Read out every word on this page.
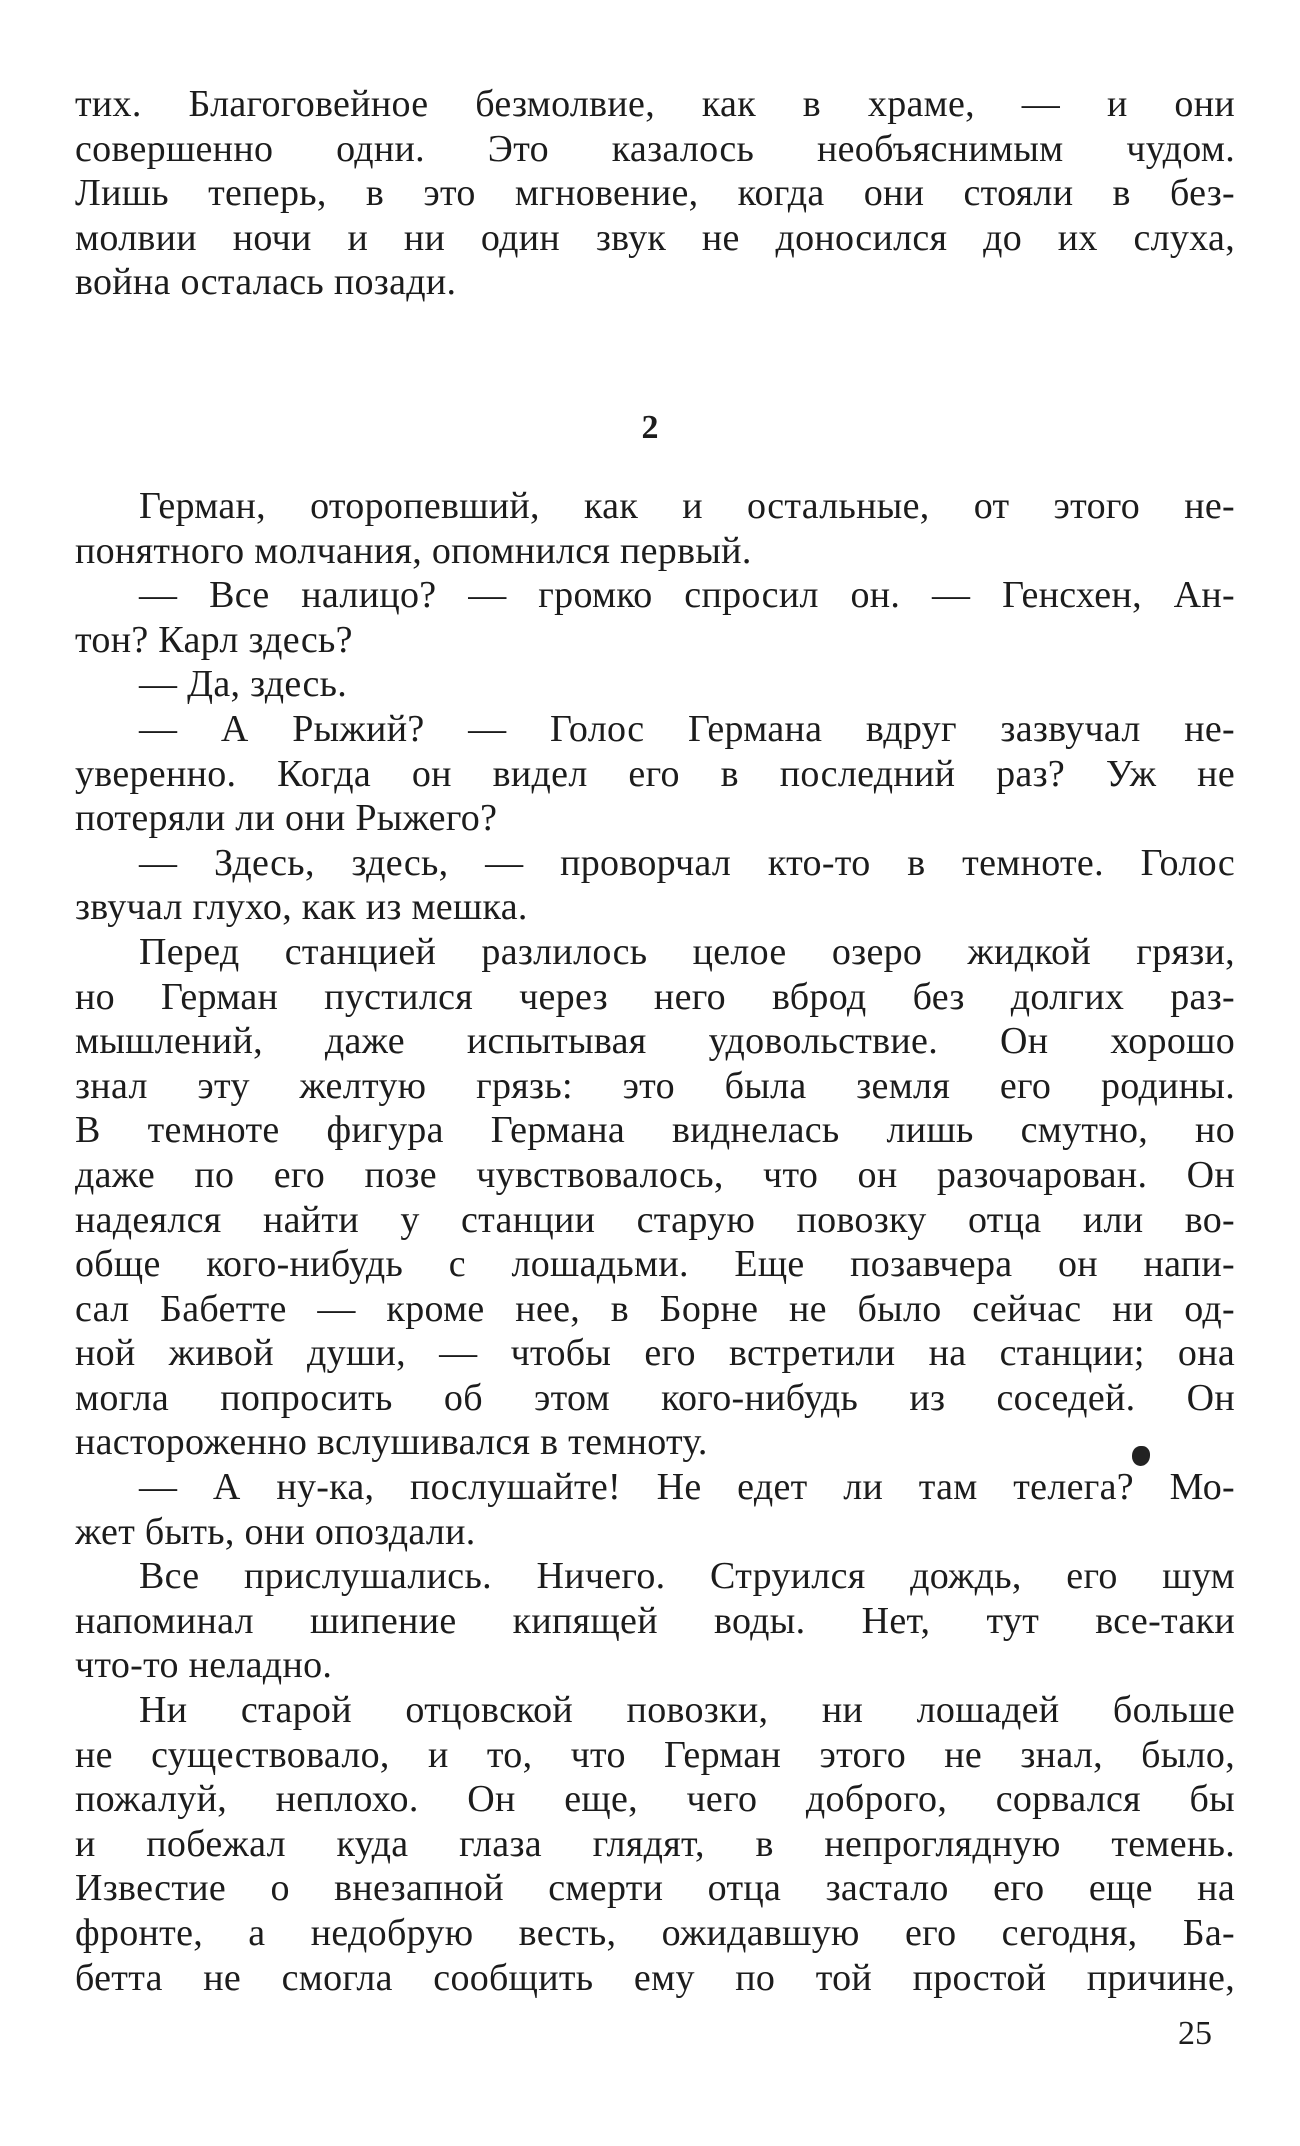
тих. Благоговейное безмолвие, как в храме, — и они
совершенно одни. Это казалось необъяснимым чудом.
Лишь теперь, в это мгновение, когда они стояли в без-
молвии ночи и ни один звук не доносился до их слуха,
война осталась позади.
2
Герман, оторопевший, как и остальные, от этого не-
понятного молчания, опомнился первый.
— Все налицо? — громко спросил он. — Генсхен, Ан-
тон? Карл здесь?
— Да, здесь.
— А Рыжий? — Голос Германа вдруг зазвучал не-
уверенно. Когда он видел его в последний раз? Уж не
потеряли ли они Рыжего?
— Здесь, здесь, — проворчал кто-то в темноте. Голос
звучал глухо, как из мешка.
Перед станцией разлилось целое озеро жидкой грязи,
но Герман пустился через него вброд без долгих раз-
мышлений, даже испытывая удовольствие. Он хорошо
знал эту желтую грязь: это была земля его родины.
В темноте фигура Германа виднелась лишь смутно, но
даже по его позе чувствовалось, что он разочарован. Он
надеялся найти у станции старую повозку отца или во-
обще кого-нибудь с лошадьми. Еще позавчера он напи-
сал Бабетте — кроме нее, в Борне не было сейчас ни од-
ной живой души, — чтобы его встретили на станции; она
могла попросить об этом кого-нибудь из соседей. Он
настороженно вслушивался в темноту.
— А ну-ка, послушайте! Не едет ли там телега? Мо-
жет быть, они опоздали.
Все прислушались. Ничего. Струился дождь, его шум
напоминал шипение кипящей воды. Нет, тут все-таки
что-то неладно.
Ни старой отцовской повозки, ни лошадей больше
не существовало, и то, что Герман этого не знал, было,
пожалуй, неплохо. Он еще, чего доброго, сорвался бы
и побежал куда глаза глядят, в непроглядную темень.
Известие о внезапной смерти отца застало его еще на
фронте, а недобрую весть, ожидавшую его сегодня, Ба-
бетта не смогла сообщить ему по той простой причине,
25
